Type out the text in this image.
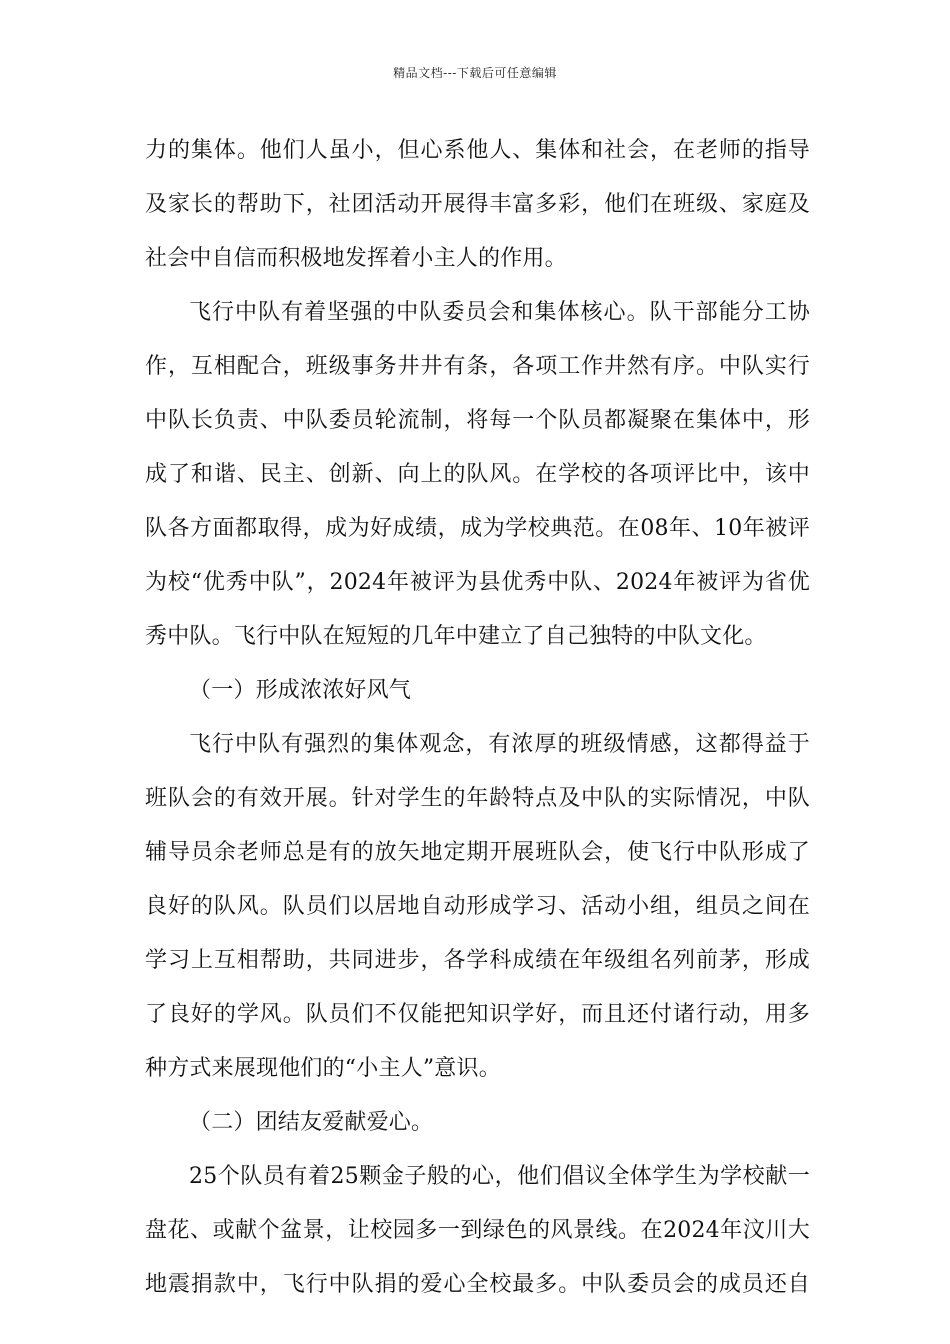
精品文档---下载后可任意编辑
力的集体。他们人虽小，但心系他人、集体和社会，在老师的指导
及家长的帮助下，社团活动开展得丰富多彩，他们在班级、家庭及
社会中自信而积极地发挥着小主人的作用。
飞行中队有着坚强的中队委员会和集体核心。队干部能分工协
作，互相配合，班级事务井井有条，各项工作井然有序。中队实行
中队长负责、中队委员轮流制，将每一个队员都凝聚在集体中，形
成了和谐、民主、创新、向上的队风。在学校的各项评比中，该中
队各方面都取得，成为好成绩，成为学校典范。在08年、10年被评
为校“优秀中队”，2024年被评为县优秀中队、2024年被评为省优
秀中队。飞行中队在短短的几年中建立了自己独特的中队文化。
（一）形成浓浓好风气
飞行中队有强烈的集体观念，有浓厚的班级情感，这都得益于
班队会的有效开展。针对学生的年龄特点及中队的实际情况，中队
辅导员余老师总是有的放矢地定期开展班队会，使飞行中队形成了
良好的队风。队员们以居地自动形成学习、活动小组，组员之间在
学习上互相帮助，共同进步，各学科成绩在年级组名列前茅，形成
了良好的学风。队员们不仅能把知识学好，而且还付诸行动，用多
种方式来展现他们的“小主人”意识。
（二）团结友爱献爱心。
25个队员有着25颗金子般的心，他们倡议全体学生为学校献一
盘花、或献个盆景，让校园多一到绿色的风景线。在2024年汶川大
地震捐款中，飞行中队捐的爱心全校最多。中队委员会的成员还自
